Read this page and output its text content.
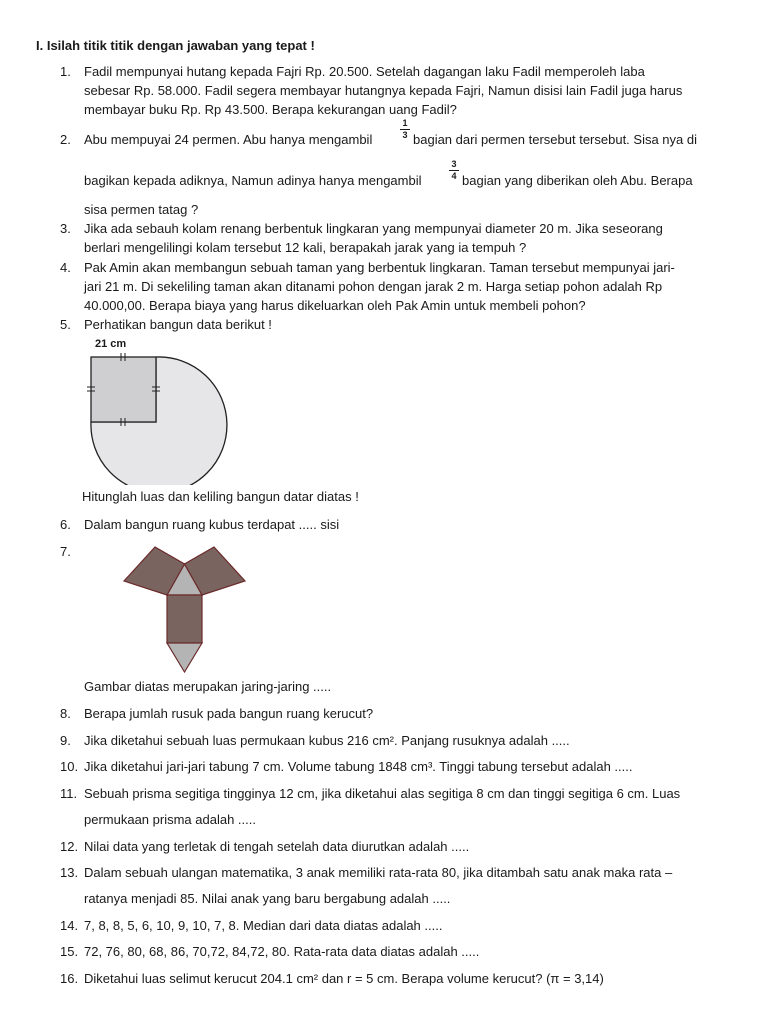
I. Isilah titik titik dengan jawaban yang tepat !
1. Fadil mempunyai hutang kepada Fajri Rp. 20.500. Setelah dagangan laku Fadil memperoleh laba
sebesar Rp. 58.000. Fadil segera membayar hutangnya kepada Fajri, Namun disisi lain Fadil juga harus
membayar buku Rp. Rp 43.500. Berapa kekurangan uang Fadil?
2. Abu mempuyai 24 permen. Abu hanya mengambil
1
3 bagian dari permen tersebut tersebut. Sisa nya di
bagikan kepada adiknya, Namun adinya hanya mengambil
3
4 bagian yang diberikan oleh Abu. Berapa
sisa permen tatag ?
3. Jika ada sebauh kolam renang berbentuk lingkaran yang mempunyai diameter 20 m. Jika seseorang
berlari mengelilingi kolam tersebut 12 kali, berapakah jarak yang ia tempuh ?
4. Pak Amin akan membangun sebuah taman yang berbentuk lingkaran. Taman tersebut mempunyai jari-
jari 21 m. Di sekeliling taman akan ditanami pohon dengan jarak 2 m. Harga setiap pohon adalah Rp
40.000,00. Berapa biaya yang harus dikeluarkan oleh Pak Amin untuk membeli pohon?
5. Perhatikan bangun data berikut !
21 cm
Hitunglah luas dan keliling bangun datar diatas !
6. Dalam bangun ruang kubus terdapat ..... sisi
7.
Gambar diatas merupakan jaring-jaring .....
8. Berapa jumlah rusuk pada bangun ruang kerucut?
9. Jika diketahui sebuah luas permukaan kubus 216 cm². Panjang rusuknya adalah .....
10. Jika diketahui jari-jari tabung 7 cm. Volume tabung 1848 cm³. Tinggi tabung tersebut adalah .....
11. Sebuah prisma segitiga tingginya 12 cm, jika diketahui alas segitiga 8 cm dan tinggi segitiga 6 cm. Luas
permukaan prisma adalah .....
12. Nilai data yang terletak di tengah setelah data diurutkan adalah .....
13. Dalam sebuah ulangan matematika, 3 anak memiliki rata-rata 80, jika ditambah satu anak maka rata –
ratanya menjadi 85. Nilai anak yang baru bergabung adalah .....
14. 7, 8, 8, 5, 6, 10, 9, 10, 7, 8. Median dari data diatas adalah .....
15. 72, 76, 80, 68, 86, 70,72, 84,72, 80. Rata-rata data diatas adalah .....
16. Diketahui luas selimut kerucut 204.1 cm² dan r = 5 cm. Berapa volume kerucut? (π = 3,14)
